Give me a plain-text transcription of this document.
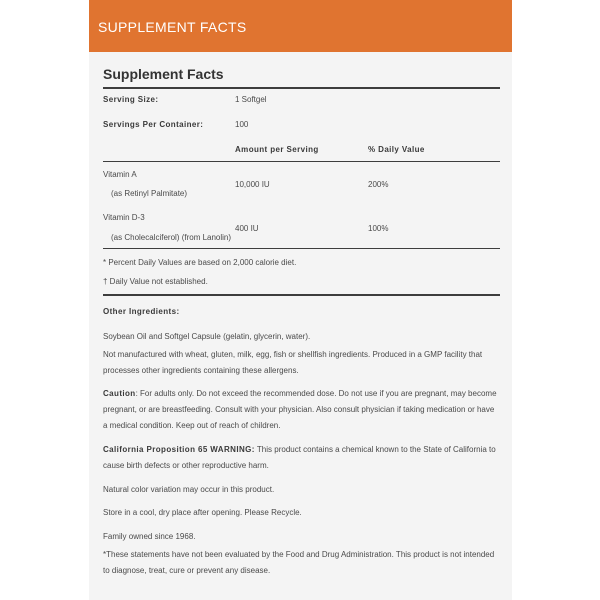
SUPPLEMENT FACTS
Supplement Facts
Serving Size:	1 Softgel
Servings Per Container:	100
Amount per Serving	% Daily Value
Vitamin A
(as Retinyl Palmitate)
10,000 IU	200%
Vitamin D-3
(as Cholecalciferol) (from Lanolin)
400 IU	100%
* Percent Daily Values are based on 2,000 calorie diet.
† Daily Value not established.
Other Ingredients:
Soybean Oil and Softgel Capsule (gelatin, glycerin, water).
Not manufactured with wheat, gluten, milk, egg, fish or shellfish ingredients. Produced in a GMP facility that processes other ingredients containing these allergens.
Caution: For adults only. Do not exceed the recommended dose. Do not use if you are pregnant, may become pregnant, or are breastfeeding. Consult with your physician. Also consult physician if taking medication or have a medical condition. Keep out of reach of children.
California Proposition 65 WARNING: This product contains a chemical known to the State of California to cause birth defects or other reproductive harm.
Natural color variation may occur in this product.
Store in a cool, dry place after opening. Please Recycle.
Family owned since 1968.
*These statements have not been evaluated by the Food and Drug Administration. This product is not intended to diagnose, treat, cure or prevent any disease.
